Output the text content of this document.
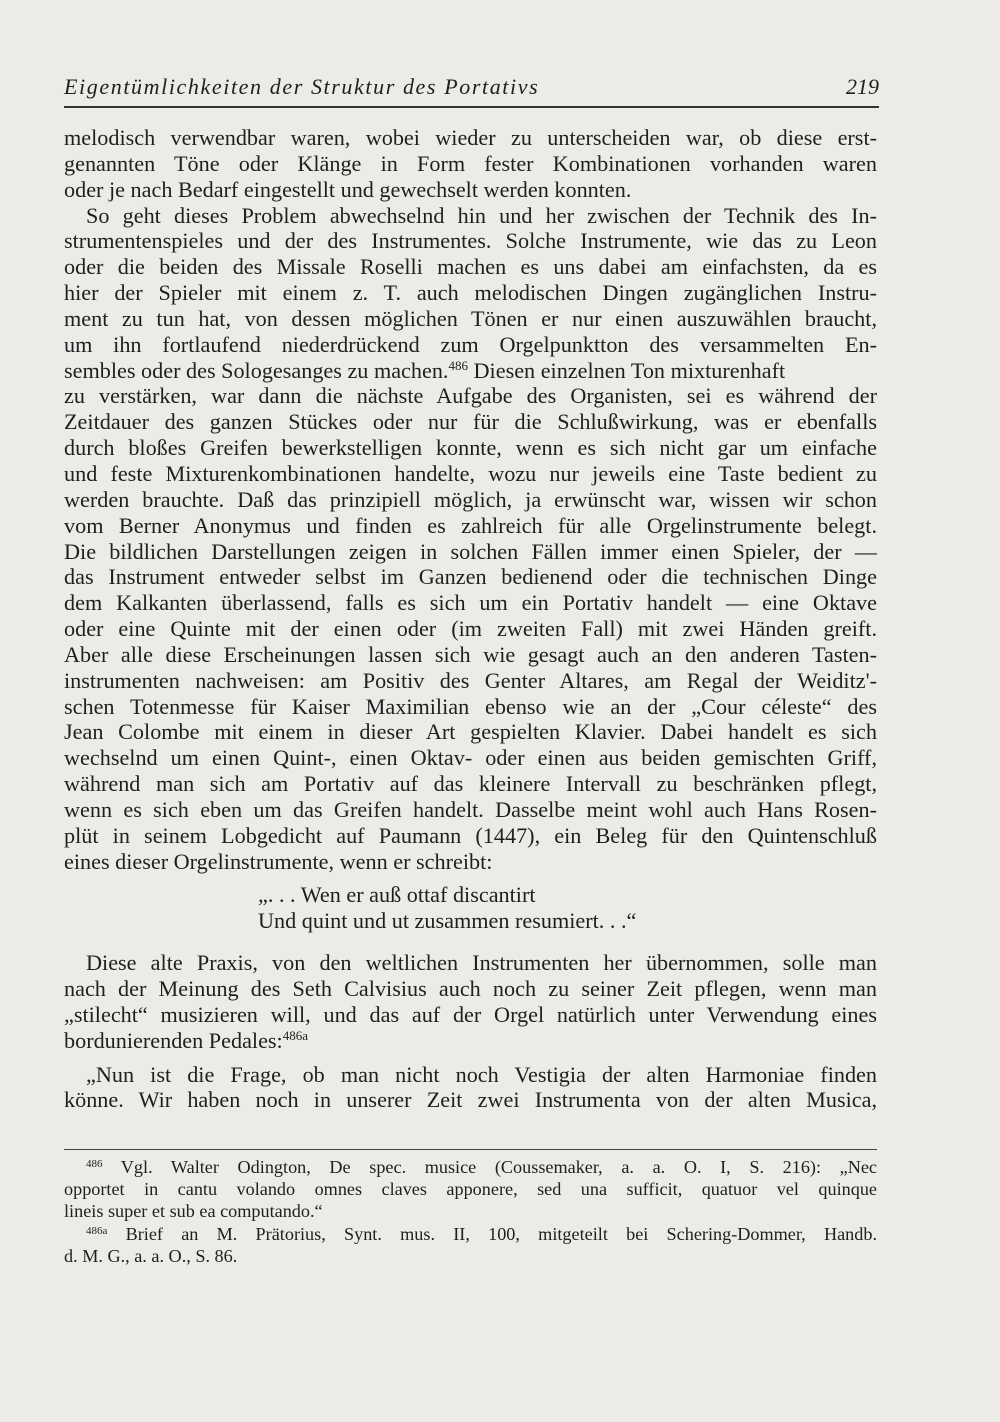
Eigentümlichkeiten der Struktur des Portativs	219
melodisch verwendbar waren, wobei wieder zu unterscheiden war, ob diese erst-
genannten Töne oder Klänge in Form fester Kombinationen vorhanden waren
oder je nach Bedarf eingestellt und gewechselt werden konnten.
So geht dieses Problem abwechselnd hin und her zwischen der Technik des In-
strumentenspieles und der des Instrumentes. Solche Instrumente, wie das zu Leon
oder die beiden des Missale Roselli machen es uns dabei am einfachsten, da es
hier der Spieler mit einem z. T. auch melodischen Dingen zugänglichen Instru-
ment zu tun hat, von dessen möglichen Tönen er nur einen auszuwählen braucht,
um ihn fortlaufend niederdrückend zum Orgelpunktton des versammelten En-
sembles oder des Sologesanges zu machen.$^{486}$ Diesen einzelnen Ton mixturenhaft
zu verstärken, war dann die nächste Aufgabe des Organisten, sei es während der
Zeitdauer des ganzen Stückes oder nur für die Schlußwirkung, was er ebenfalls
durch bloßes Greifen bewerkstelligen konnte, wenn es sich nicht gar um einfache
und feste Mixturenkombinationen handelte, wozu nur jeweils eine Taste bedient zu
werden brauchte. Daß das prinzipiell möglich, ja erwünscht war, wissen wir schon
vom Berner Anonymus und finden es zahlreich für alle Orgelinstrumente belegt.
Die bildlichen Darstellungen zeigen in solchen Fällen immer einen Spieler, der —
das Instrument entweder selbst im Ganzen bedienend oder die technischen Dinge
dem Kalkanten überlassend, falls es sich um ein Portativ handelt — eine Oktave
oder eine Quinte mit der einen oder (im zweiten Fall) mit zwei Händen greift.
Aber alle diese Erscheinungen lassen sich wie gesagt auch an den anderen Tasten-
instrumenten nachweisen: am Positiv des Genter Altares, am Regal der Weiditz'-
schen Totenmesse für Kaiser Maximilian ebenso wie an der „Cour céleste“ des
Jean Colombe mit einem in dieser Art gespielten Klavier. Dabei handelt es sich
wechselnd um einen Quint-, einen Oktav- oder einen aus beiden gemischten Griff,
während man sich am Portativ auf das kleinere Intervall zu beschränken pflegt,
wenn es sich eben um das Greifen handelt. Dasselbe meint wohl auch Hans Rosen-
plüt in seinem Lobgedicht auf Paumann (1447), ein Beleg für den Quintenschluß
eines dieser Orgelinstrumente, wenn er schreibt:
„. . . Wen er auß ottaf discantirt
Und quint und ut zusammen resumiert. . .“
Diese alte Praxis, von den weltlichen Instrumenten her übernommen, solle man
nach der Meinung des Seth Calvisius auch noch zu seiner Zeit pflegen, wenn man
„stilecht“ musizieren will, und das auf der Orgel natürlich unter Verwendung eines
bordunierenden Pedales:$^{486a}$
„Nun ist die Frage, ob man nicht noch Vestigia der alten Harmoniae finden
könne. Wir haben noch in unserer Zeit zwei Instrumenta von der alten Musica,
$^{486}$ Vgl. Walter Odington, De spec. musice (Coussemaker, a. a. O. I, S. 216): „Nec
opportet in cantu volando omnes claves apponere, sed una sufficit, quatuor vel quinque
lineis super et sub ea computando.“
$^{486a}$ Brief an M. Prätorius, Synt. mus. II, 100, mitgeteilt bei Schering-Dommer, Handb.
d. M. G., a. a. O., S. 86.
